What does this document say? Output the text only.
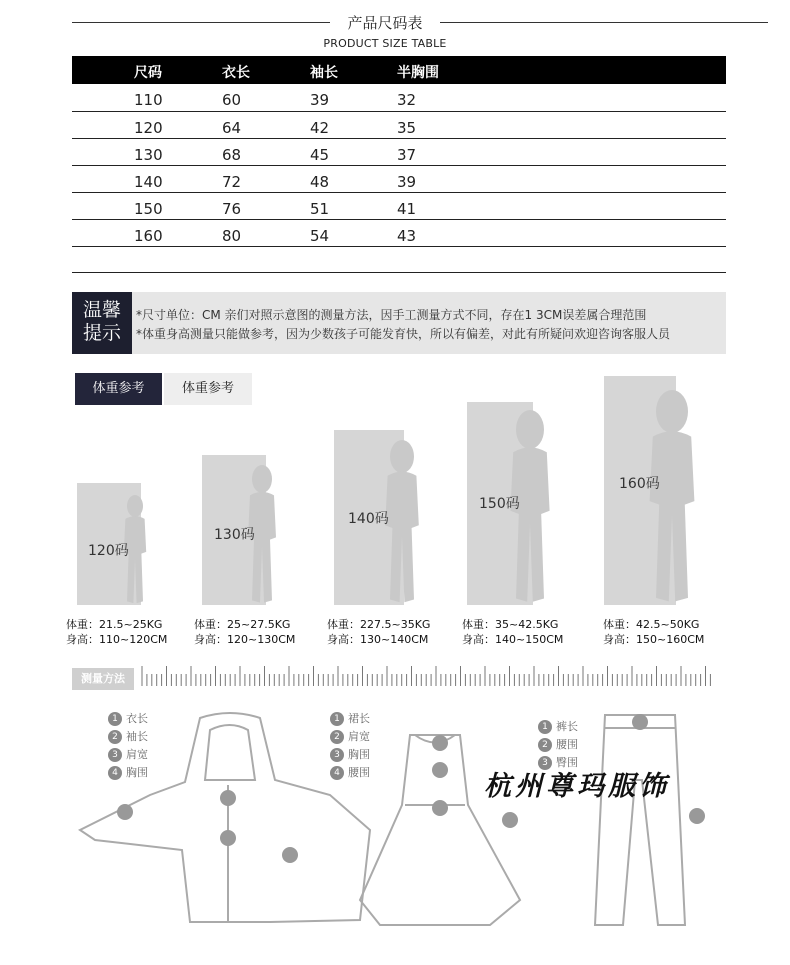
产品尺码表
PRODUCT SIZE TABLE
尺码	衣长	袖长	半胸围	
110	60	39	32	
120	64	42	35	
130	68	45	37	
140	72	48	39	
150	76	51	41	
160	80	54	43	
温馨提示
*尺寸单位：CM 亲们对照示意图的测量方法，因手工测量方式不同，存在1 3CM误差属合理范围
*体重身高测量只能做参考，因为少数孩子可能发育快，所以有偏差，对此有所疑问欢迎咨询客服人员
体重参考	体重参考
120码
体重：21.5~25KG
身高：110~120CM
130码
体重：25~27.5KG
身高：120~130CM
140码
体重：227.5~35KG
身高：130~140CM
150码
体重：35~42.5KG
身高：140~150CM
160码
体重：42.5~50KG
身高：150~160CM
测量方法
1 衣长
2 袖长
3 肩宽
4 胸围
1 裙长
2 肩宽
3 胸围
4 腰围
1 裤长
2 腰围
3 臀围
杭州尊玛服饰
